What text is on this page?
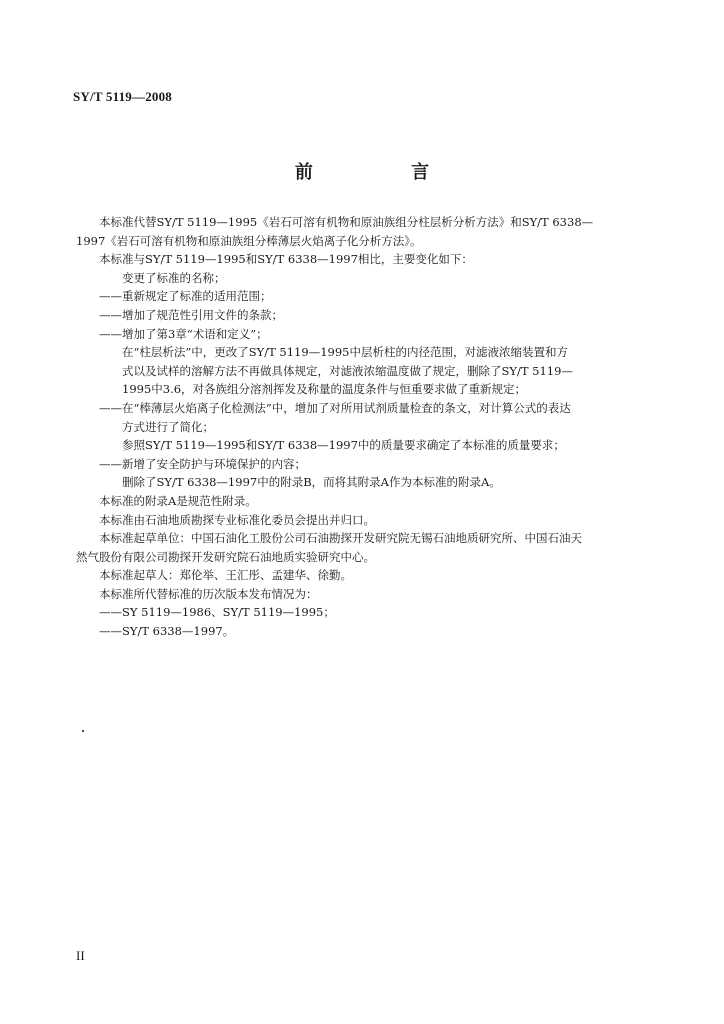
SY/T 5119—2008
前 言

本标准代替SY/T 5119—1995《岩石可溶有机物和原油族组分柱层析分析方法》和SY/T 6338—

1997《岩石可溶有机物和原油族组分棒薄层火焰离子化分析方法》。

本标准与SY/T 5119—1995和SY/T 6338—1997相比，主要变化如下：

变更了标准的名称；

——重新规定了标准的适用范围；

——增加了规范性引用文件的条款；

——增加了第3章“术语和定义”；

在“柱层析法”中，更改了SY/T 5119—1995中层析柱的内径范围，对滤液浓缩装置和方

式以及试样的溶解方法不再做具体规定，对滤液浓缩温度做了规定，删除了SY/T 5119—

1995中3.6，对各族组分溶剂挥发及称量的温度条件与恒重要求做了重新规定；

——在“棒薄层火焰离子化检测法”中，增加了对所用试剂质量检查的条文，对计算公式的表达

方式进行了简化；

参照SY/T 5119—1995和SY/T 6338—1997中的质量要求确定了本标准的质量要求；

——新增了安全防护与环境保护的内容；

删除了SY/T 6338—1997中的附录B，而将其附录A作为本标准的附录A。

本标准的附录A是规范性附录。

本标准由石油地质勘探专业标准化委员会提出并归口。

本标准起草单位：中国石油化工股份公司石油勘探开发研究院无锡石油地质研究所、中国石油天

然气股份有限公司勘探开发研究院石油地质实验研究中心。

本标准起草人：郑伦举、王汇彤、孟建华、徐勤。

本标准所代替标准的历次版本发布情况为：

——SY 5119—1986、SY/T 5119—1995；

——SY/T 6338—1997。

II
